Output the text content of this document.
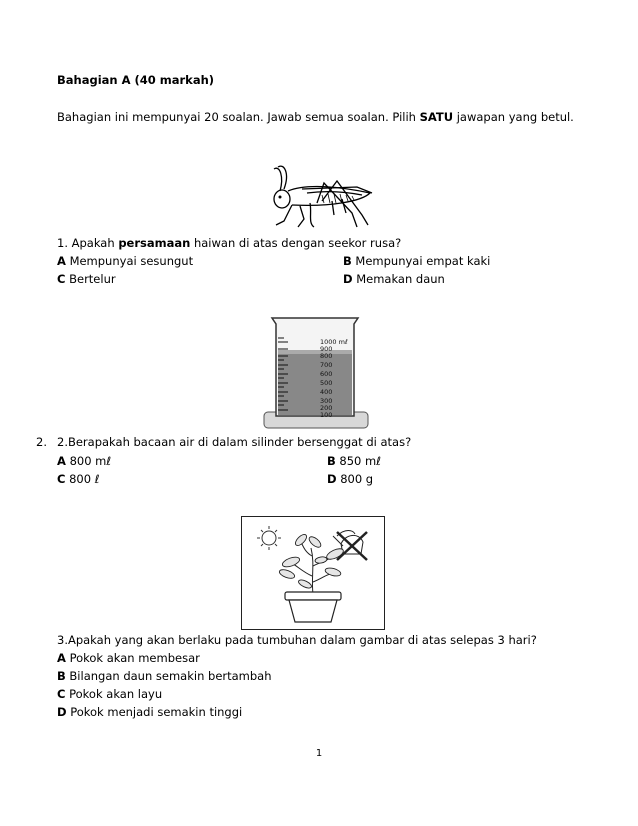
Bahagian A (40 markah)
Bahagian ini mempunyai 20 soalan. Jawab semua soalan. Pilih SATU jawapan yang betul.
1. Apakah persamaan haiwan di atas dengan seekor rusa?
A Mempunyai sesungut	B Mempunyai empat kaki
C Bertelur	D Memakan daun
1000 mℓ
900
800
700
600
500
400
300
200
100
2. 2.Berapakah bacaan air di dalam silinder bersenggat di atas?
A 800 mℓ	B 850 mℓ
C 800 ℓ	D 800 g
3.Apakah yang akan berlaku pada tumbuhan dalam gambar di atas selepas 3 hari?
A Pokok akan membesar
B Bilangan daun semakin bertambah
C Pokok akan layu
D Pokok menjadi semakin tinggi
1
